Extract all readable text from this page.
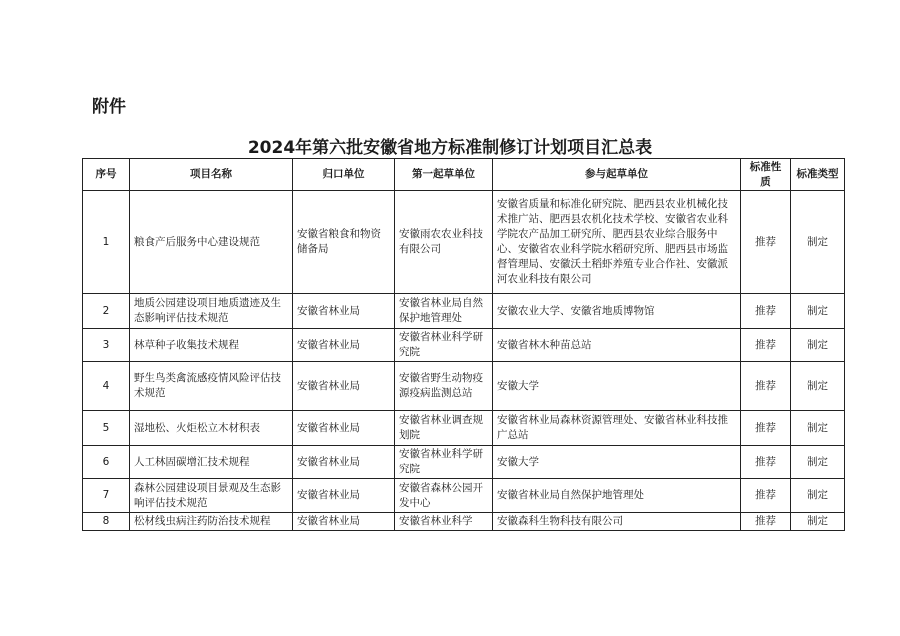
附件
2024年第六批安徽省地方标准制修订计划项目汇总表
序号	项目名称	归口单位	第一起草单位	参与起草单位	标准性质	标准类型
1	粮食产后服务中心建设规范	安徽省粮食和物资储备局	安徽雨农农业科技有限公司	安徽省质量和标准化研究院、肥西县农业机械化技术推广站、肥西县农机化技术学校、安徽省农业科学院农产品加工研究所、肥西县农业综合服务中心、安徽省农业科学院水稻研究所、肥西县市场监督管理局、安徽沃土稻虾养殖专业合作社、安徽派河农业科技有限公司	推荐	制定
2	地质公园建设项目地质遗迹及生态影响评估技术规范	安徽省林业局	安徽省林业局自然保护地管理处	安徽农业大学、安徽省地质博物馆	推荐	制定
3	林草种子收集技术规程	安徽省林业局	安徽省林业科学研究院	安徽省林木种苗总站	推荐	制定
4	野生鸟类禽流感疫情风险评估技术规范	安徽省林业局	安徽省野生动物疫源疫病监测总站	安徽大学	推荐	制定
5	湿地松、火炬松立木材积表	安徽省林业局	安徽省林业调查规划院	安徽省林业局森林资源管理处、安徽省林业科技推广总站	推荐	制定
6	人工林固碳增汇技术规程	安徽省林业局	安徽省林业科学研究院	安徽大学	推荐	制定
7	森林公园建设项目景观及生态影响评估技术规范	安徽省林业局	安徽省森林公园开发中心	安徽省林业局自然保护地管理处	推荐	制定
8	松材线虫病注药防治技术规程	安徽省林业局	安徽省林业科学	安徽森科生物科技有限公司	推荐	制定
